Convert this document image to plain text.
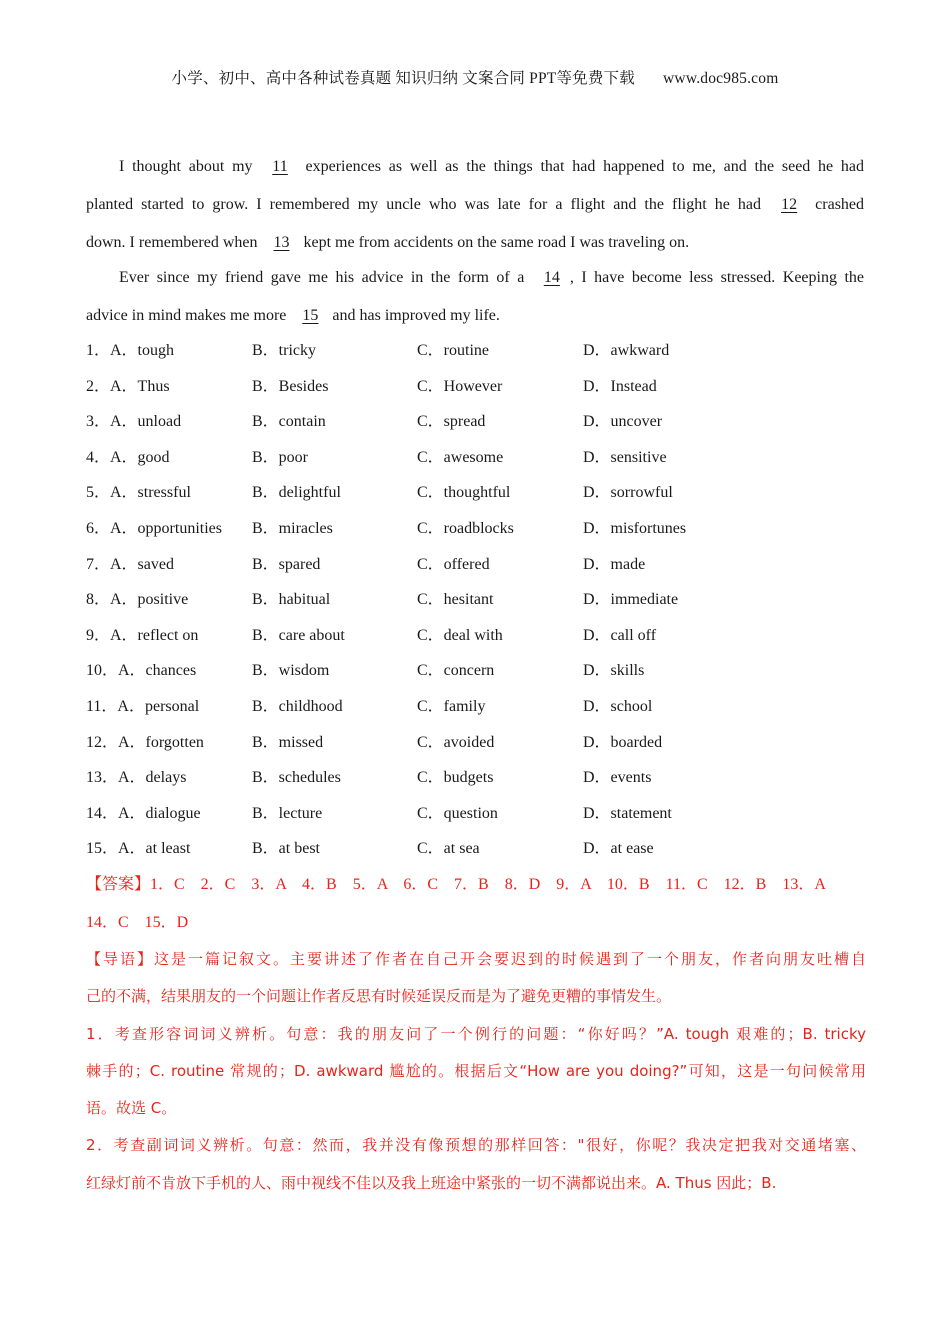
小学、初中、高中各种试卷真题 知识归纳 文案合同 PPT等免费下载 www.doc985.com
I thought about my 11 experiences as well as the things that had happened to me, and the seed he had
planted started to grow. I remembered my uncle who was late for a flight and the flight he had 12 crashed
down. I remembered when 13 kept me from accidents on the same road I was traveling on.
Ever since my friend gave me his advice in the form of a 14 , I have become less stressed. Keeping the
advice in mind makes me more 15 and has improved my life.
1．A．tough	B．tricky	C．routine	D．awkward
2．A．Thus	B．Besides	C．However	D．Instead
3．A．unload	B．contain	C．spread	D．uncover
4．A．good	B．poor	C．awesome	D．sensitive
5．A．stressful	B．delightful	C．thoughtful	D．sorrowful
6．A．opportunities B．miracles	C．roadblocks	D．misfortunes
7．A．saved	B．spared	C．offered	D．made
8．A．positive	B．habitual	C．hesitant	D．immediate
9．A．reflect on	B．care about	C．deal with	D．call off
10．A．chances	B．wisdom	C．concern	D．skills
11．A．personal	B．childhood	C．family	D．school
12．A．forgotten	B．missed	C．avoided	D．boarded
13．A．delays	B．schedules	C．budgets	D．events
14．A．dialogue	B．lecture	C．question	D．statement
15．A．at least	B．at best	C．at sea	D．at ease
【答案】1．C　2．C　3．A　4．B　5．A　6．C　7．B　8．D　9．A　10．B　11．C　12．B　13．A
14．C　15．D
【导语】这是一篇记叙文。主要讲述了作者在自己开会要迟到的时候遇到了一个朋友，作者向朋友吐槽自
己的不满，结果朋友的一个问题让作者反思有时候延误反而是为了避免更糟的事情发生。
1．考查形容词词义辨析。句意：我的朋友问了一个例行的问题：“你好吗？”A. tough 艰难的；B. tricky
棘手的；C. routine 常规的；D. awkward 尴尬的。根据后文“How are you doing?”可知，这是一句问候常用
语。故选 C。
2．考查副词词义辨析。句意：然而，我并没有像预想的那样回答："很好，你呢？我决定把我对交通堵塞、
红绿灯前不肯放下手机的人、雨中视线不佳以及我上班途中紧张的一切不满都说出来。A. Thus 因此；B.
